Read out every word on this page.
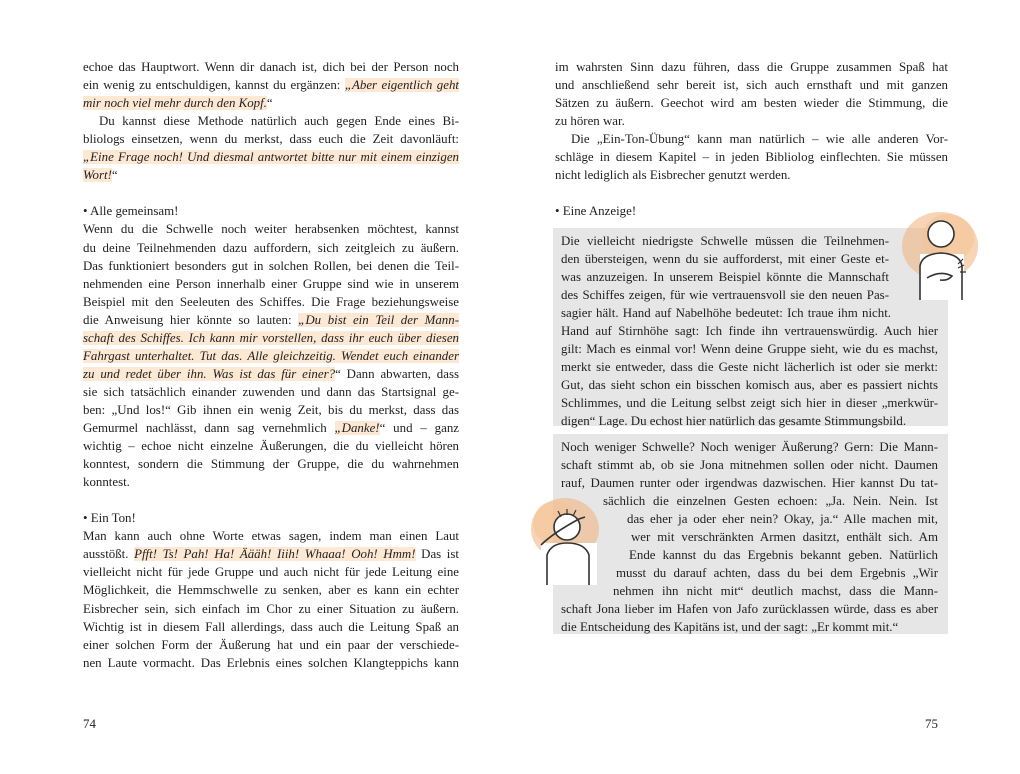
echoe das Hauptwort. Wenn dir danach ist, dich bei der Person noch
ein wenig zu entschuldigen, kannst du ergänzen: „Aber eigentlich geht
mir noch viel mehr durch den Kopf.“
Du kannst diese Methode natürlich auch gegen Ende eines Bi-
bliologs einsetzen, wenn du merkst, dass euch die Zeit davonläuft:
„Eine Frage noch! Und diesmal antwortet bitte nur mit einem einzigen
Wort!“
• Alle gemeinsam!
Wenn du die Schwelle noch weiter herabsenken möchtest, kannst
du deine Teilnehmenden dazu auffordern, sich zeitgleich zu äußern.
Das funktioniert besonders gut in solchen Rollen, bei denen die Teil-
nehmenden eine Person innerhalb einer Gruppe sind wie in unserem
Beispiel mit den Seeleuten des Schiffes. Die Frage beziehungsweise
die Anweisung hier könnte so lauten: „Du bist ein Teil der Mann-
schaft des Schiffes. Ich kann mir vorstellen, dass ihr euch über diesen
Fahrgast unterhaltet. Tut das. Alle gleichzeitig. Wendet euch einander
zu und redet über ihn. Was ist das für einer?“ Dann abwarten, dass
sie sich tatsächlich einander zuwenden und dann das Startsignal ge-
ben: „Und los!“ Gib ihnen ein wenig Zeit, bis du merkst, dass das
Gemurmel nachlässt, dann sag vernehmlich „Danke!“ und – ganz
wichtig – echoe nicht einzelne Äußerungen, die du vielleicht hören
konntest, sondern die Stimmung der Gruppe, die du wahrnehmen
konntest.
• Ein Ton!
Man kann auch ohne Worte etwas sagen, indem man einen Laut
ausstößt. Pfft! Ts! Pah! Ha! Äääh! Iiih! Whaaa! Ooh! Hmm! Das ist
vielleicht nicht für jede Gruppe und auch nicht für jede Leitung eine
Möglichkeit, die Hemmschwelle zu senken, aber es kann ein echter
Eisbrecher sein, sich einfach im Chor zu einer Situation zu äußern.
Wichtig ist in diesem Fall allerdings, dass auch die Leitung Spaß an
einer solchen Form der Äußerung hat und ein paar der verschiede-
nen Laute vormacht. Das Erlebnis eines solchen Klangteppichs kann
Die vielleicht niedrigste Schwelle müssen die Teilnehmen-
den übersteigen, wenn du sie aufforderst, mit einer Geste et-
was anzuzeigen. In unserem Beispiel könnte die Mannschaft
des Schiffes zeigen, für wie vertrauensvoll sie den neuen Pas-
sagier hält. Hand auf Nabelhöhe bedeutet: Ich traue ihm nicht.
Hand auf Stirnhöhe sagt: Ich finde ihn vertrauenswürdig. Auch hier
gilt: Mach es einmal vor! Wenn deine Gruppe sieht, wie du es machst,
merkt sie entweder, dass die Geste nicht lächerlich ist oder sie merkt:
Gut, das sieht schon ein bisschen komisch aus, aber es passiert nichts
Schlimmes, und die Leitung selbst zeigt sich hier in dieser „merkwür-
digen“ Lage. Du echost hier natürlich das gesamte Stimmungsbild.
Noch weniger Schwelle? Noch weniger Äußerung? Gern: Die Mann-
schaft stimmt ab, ob sie Jona mitnehmen sollen oder nicht. Daumen
rauf, Daumen runter oder irgendwas dazwischen. Hier kannst Du tat-
sächlich die einzelnen Gesten echoen: „Ja. Nein. Nein. Ist
das eher ja oder eher nein? Okay, ja.“ Alle machen mit,
wer mit verschränkten Armen dasitzt, enthält sich. Am
Ende kannst du das Ergebnis bekannt geben. Natürlich
musst du darauf achten, dass du bei dem Ergebnis „Wir
nehmen ihn nicht mit“ deutlich machst, dass die Mann-
schaft Jona lieber im Hafen von Jafo zurücklassen würde, dass es aber
die Entscheidung des Kapitäns ist, und der sagt: „Er kommt mit.“
im wahrsten Sinn dazu führen, dass die Gruppe zusammen Spaß hat
und anschließend sehr bereit ist, sich auch ernsthaft und mit ganzen
Sätzen zu äußern. Geechot wird am besten wieder die Stimmung, die
zu hören war.
Die „Ein-Ton-Übung“ kann man natürlich – wie alle anderen Vor-
schläge in diesem Kapitel – in jeden Bibliolog einflechten. Sie müssen
nicht lediglich als Eisbrecher genutzt werden.
• Eine Anzeige!
74	75
